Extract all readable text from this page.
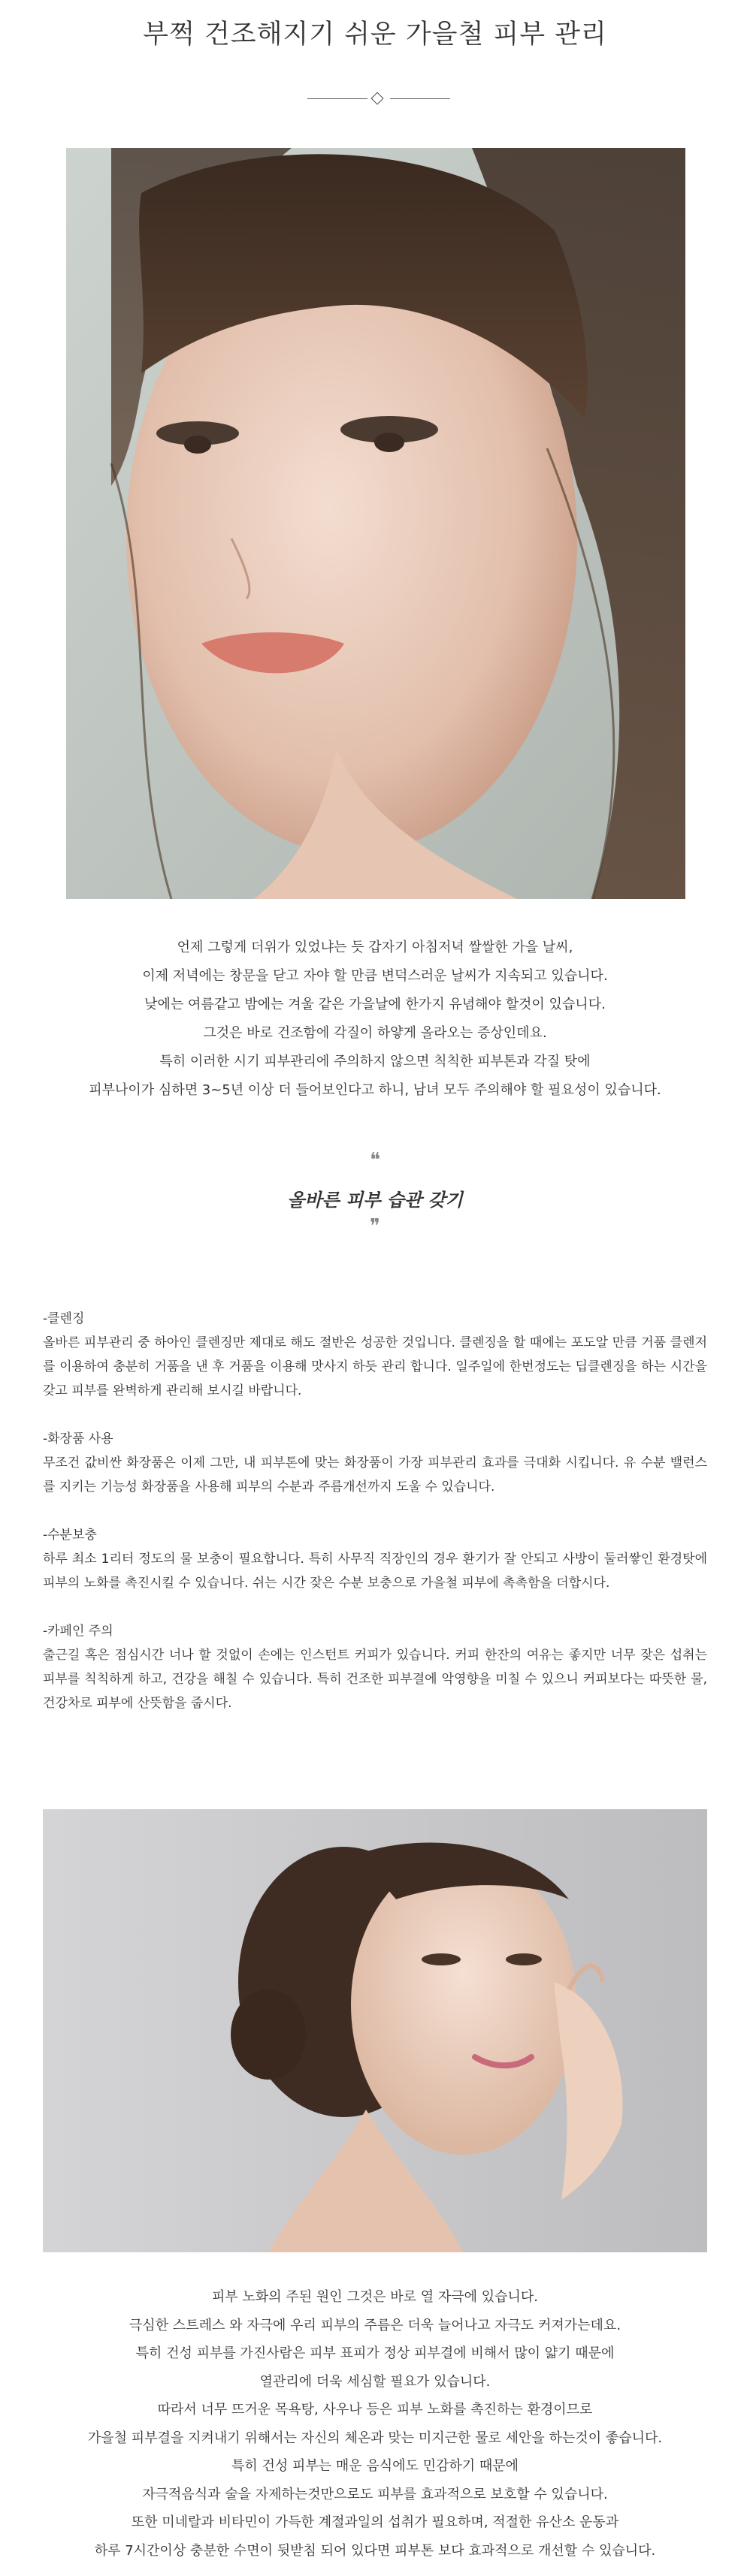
부쩍 건조해지기 쉬운 가을철 피부 관리
언제 그렇게 더위가 있었냐는 듯 갑자기 아침저녁 쌀쌀한 가을 날씨,
이제 저녁에는 창문을 닫고 자야 할 만큼 변덕스러운 날씨가 지속되고 있습니다.
낮에는 여름같고 밤에는 겨울 같은 가을날에 한가지 유념해야 할것이 있습니다.
그것은 바로 건조함에 각질이 하얗게 올라오는 증상인데요.
특히 이러한 시기 피부관리에 주의하지 않으면 칙칙한 피부톤과 각질 탓에
피부나이가 심하면 3~5년 이상 더 들어보인다고 하니, 남녀 모두 주의해야 할 필요성이 있습니다.
❝
올바른 피부 습관 갖기
❞
-클렌징
올바른 피부관리 중 하아인 클렌징만 제대로 해도 절반은 성공한 것입니다. 클렌징을 할 때에는 포도알 만큼 거품 클렌저를 이용하여 충분히 거품을 낸 후 거품을 이용해 맛사지 하듯 관리 합니다. 일주일에 한번정도는 딥클렌징을 하는 시간을 갖고 피부를 완벽하게 관리해 보시길 바랍니다.
-화장품 사용
무조건 값비싼 화장품은 이제 그만, 내 피부톤에 맞는 화장품이 가장 피부관리 효과를 극대화 시킵니다. 유 수분 밸런스를 지키는 기능성 화장품을 사용해 피부의 수분과 주름개선까지 도울 수 있습니다.
-수분보충
하루 최소 1리터 정도의 물 보충이 필요합니다. 특히 사무직 직장인의 경우 환기가 잘 안되고 사방이 둘러쌓인 환경탓에 피부의 노화를 촉진시킬 수 있습니다. 쉬는 시간 잦은 수분 보충으로 가을철 피부에 촉촉함을 더합시다.
-카페인 주의
출근길 혹은 점심시간 너나 할 것없이 손에는 인스턴트 커피가 있습니다. 커피 한잔의 여유는 좋지만 너무 잦은 섭취는 피부를 칙칙하게 하고, 건강을 해칠 수 있습니다. 특히 건조한 피부결에 악영향을 미칠 수 있으니 커피보다는 따뜻한 물, 건강차로 피부에 산뜻함을 줍시다.
피부 노화의 주된 원인 그것은 바로 열 자극에 있습니다.
극심한 스트레스 와 자극에 우리 피부의 주름은 더욱 늘어나고 자극도 커져가는데요.
특히 건성 피부를 가진사람은 피부 표피가 정상 피부결에 비해서 많이 얇기 때문에
열관리에 더욱 세심할 필요가 있습니다.
따라서 너무 뜨거운 목욕탕, 사우나 등은 피부 노화를 촉진하는 환경이므로
가을철 피부결을 지켜내기 위해서는 자신의 체온과 맞는 미지근한 물로 세안을 하는것이 좋습니다.
특히 건성 피부는 매운 음식에도 민감하기 때문에
자극적음식과 술을 자제하는것만으로도 피부를 효과적으로 보호할 수 있습니다.
또한 미네랄과 비타민이 가득한 계절과일의 섭취가 필요하며, 적절한 유산소 운동과
하루 7시간이상 충분한 수면이 뒷받침 되어 있다면 피부톤 보다 효과적으로 개선할 수 있습니다.
